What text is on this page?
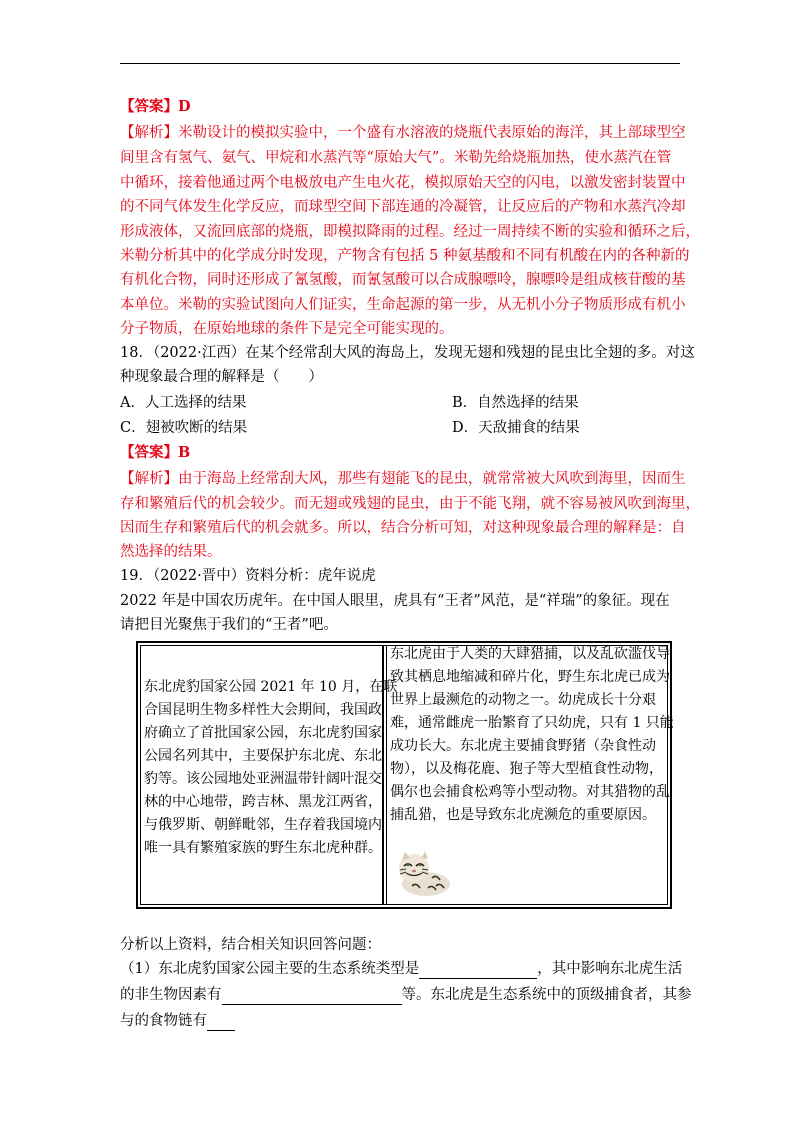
【答案】D
【解析】米勒设计的模拟实验中，一个盛有水溶液的烧瓶代表原始的海洋，其上部球型空
间里含有氢气、氨气、甲烷和水蒸汽等“原始大气”。米勒先给烧瓶加热，使水蒸汽在管
中循环，接着他通过两个电极放电产生电火花，模拟原始天空的闪电，以激发密封装置中
的不同气体发生化学反应，而球型空间下部连通的冷凝管，让反应后的产物和水蒸汽冷却
形成液体，又流回底部的烧瓶，即模拟降雨的过程。经过一周持续不断的实验和循环之后，
米勒分析其中的化学成分时发现，产物含有包括 5 种氨基酸和不同有机酸在内的各种新的
有机化合物，同时还形成了氰氢酸，而氰氢酸可以合成腺嘌呤，腺嘌呤是组成核苷酸的基
本单位。米勒的实验试图向人们证实，生命起源的第一步，从无机小分子物质形成有机小
分子物质，在原始地球的条件下是完全可能实现的。
18．（2022·江西）在某个经常刮大风的海岛上，发现无翅和残翅的昆虫比全翅的多。对这
种现象最合理的解释是（　　）
A．人工选择的结果	B．自然选择的结果
C．翅被吹断的结果	D．天敌捕食的结果
【答案】B
【解析】由于海岛上经常刮大风，那些有翅能飞的昆虫，就常常被大风吹到海里，因而生
存和繁殖后代的机会较少。而无翅或残翅的昆虫，由于不能飞翔，就不容易被风吹到海里，
因而生存和繁殖后代的机会就多。所以，结合分析可知，对这种现象最合理的解释是：自
然选择的结果。
19．（2022·晋中）资料分析：虎年说虎
2022 年是中国农历虎年。在中国人眼里，虎具有“王者”风范，是“祥瑞”的象征。现在
请把目光聚焦于我们的“王者”吧。
东北虎豹国家公园 2021 年 10 月，在联
合国昆明生物多样性大会期间，我国政
府确立了首批国家公园，东北虎豹国家
公园名列其中，主要保护东北虎、东北
豹等。该公园地处亚洲温带针阔叶混交
林的中心地带，跨吉林、黑龙江两省，
与俄罗斯、朝鲜毗邻，生存着我国境内
唯一具有繁殖家族的野生东北虎种群。
东北虎由于人类的大肆猎捕，以及乱砍滥伐导
致其栖息地缩减和碎片化，野生东北虎已成为
世界上最濒危的动物之一。幼虎成长十分艰
难，通常雌虎一胎繁育了只幼虎，只有 1 只能
成功长大。东北虎主要捕食野猪（杂食性动
物），以及梅花鹿、狍子等大型植食性动物，
偶尔也会捕食松鸡等小型动物。对其猎物的乱
捕乱猎，也是导致东北虎濒危的重要原因。
分析以上资料，结合相关知识回答问题：
（1）东北虎豹国家公园主要的生态系统类型是	，其中影响东北虎生活
的非生物因素有	等。东北虎是生态系统中的顶级捕食者，其参
与的食物链有
